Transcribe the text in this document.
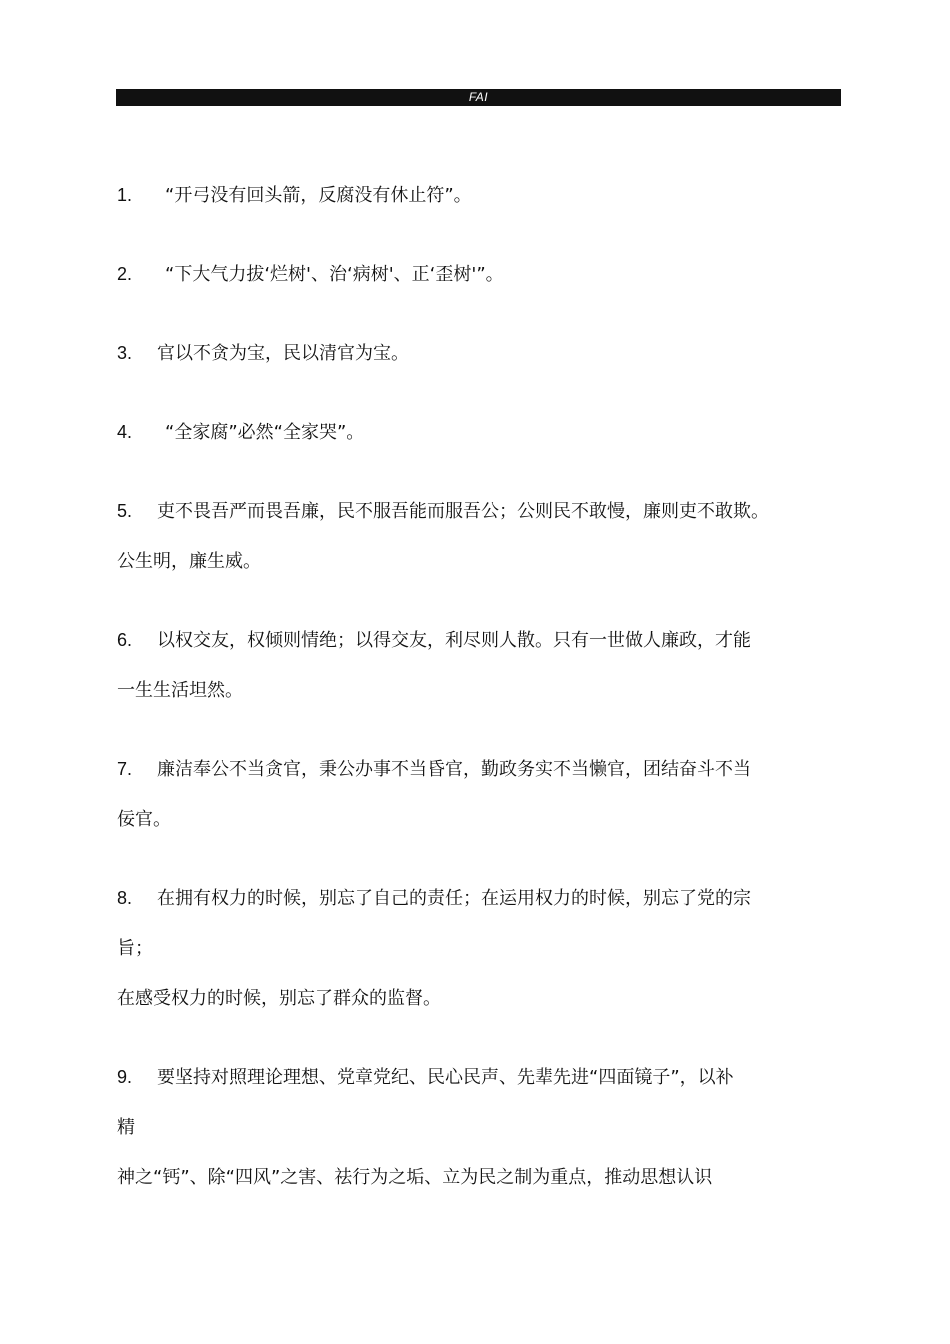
FAI

1. “开弓没有回头箭，反腐没有休止符”。

2. “下大气力拔‘烂树'、治‘病树'、正‘歪树'”。

3. 官以不贪为宝，民以清官为宝。

4. “全家腐”必然“全家哭”。

5. 吏不畏吾严而畏吾廉，民不服吾能而服吾公；公则民不敢慢，廉则吏不敢欺。

公生明，廉生威。

6. 以权交友，权倾则情绝；以得交友，利尽则人散。只有一世做人廉政，才能

一生生活坦然。

7. 廉洁奉公不当贪官，秉公办事不当昏官，勤政务实不当懒官，团结奋斗不当

佞官。

8. 在拥有权力的时候，别忘了自己的责任；在运用权力的时候，别忘了党的宗

旨；

在感受权力的时候，别忘了群众的监督。

9. 要坚持对照理论理想、党章党纪、民心民声、先辈先进“四面镜子”，以补

精

神之“钙”、除“四风”之害、祛行为之垢、立为民之制为重点，推动思想认识
